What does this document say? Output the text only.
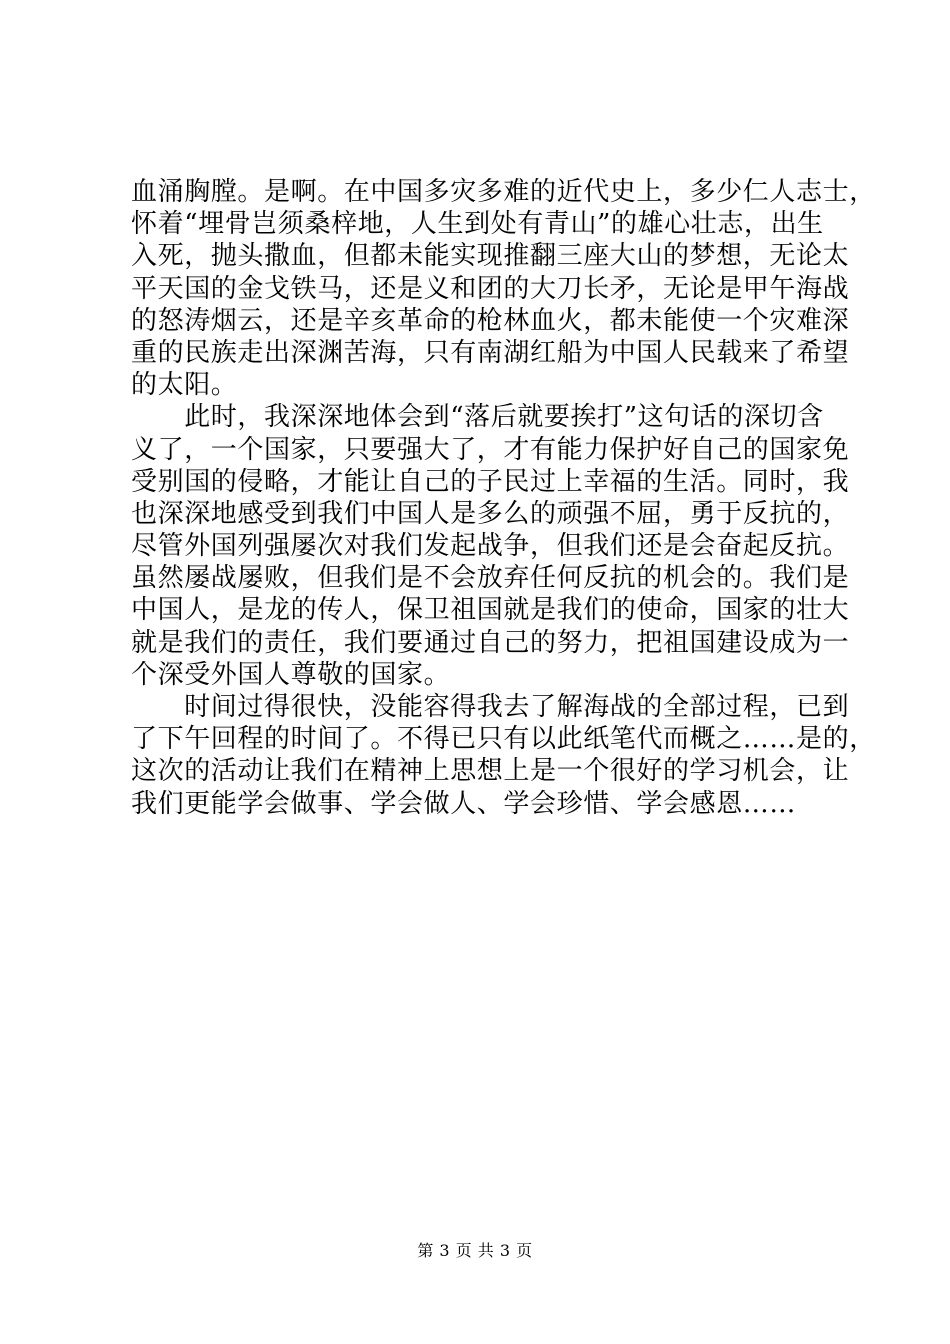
血涌胸膛。是啊。在中国多灾多难的近代史上，多少仁人志士，
怀着“埋骨岂须桑梓地，人生到处有青山”的雄心壮志，出生
入死，抛头撒血，但都未能实现推翻三座大山的梦想，无论太
平天国的金戈铁马，还是义和团的大刀长矛，无论是甲午海战
的怒涛烟云，还是辛亥革命的枪林血火，都未能使一个灾难深
重的民族走出深渊苦海，只有南湖红船为中国人民载来了希望
的太阳。
　　此时，我深深地体会到“落后就要挨打”这句话的深切含
义了，一个国家，只要强大了，才有能力保护好自己的国家免
受别国的侵略，才能让自己的子民过上幸福的生活。同时，我
也深深地感受到我们中国人是多么的顽强不屈，勇于反抗的，
尽管外国列强屡次对我们发起战争，但我们还是会奋起反抗。
虽然屡战屡败，但我们是不会放弃任何反抗的机会的。我们是
中国人，是龙的传人，保卫祖国就是我们的使命，国家的壮大
就是我们的责任，我们要通过自己的努力，把祖国建设成为一
个深受外国人尊敬的国家。
　　时间过得很快，没能容得我去了解海战的全部过程，已到
了下午回程的时间了。不得已只有以此纸笔代而概之……是的，
这次的活动让我们在精神上思想上是一个很好的学习机会，让
我们更能学会做事、学会做人、学会珍惜、学会感恩……
第 3 页 共 3 页
